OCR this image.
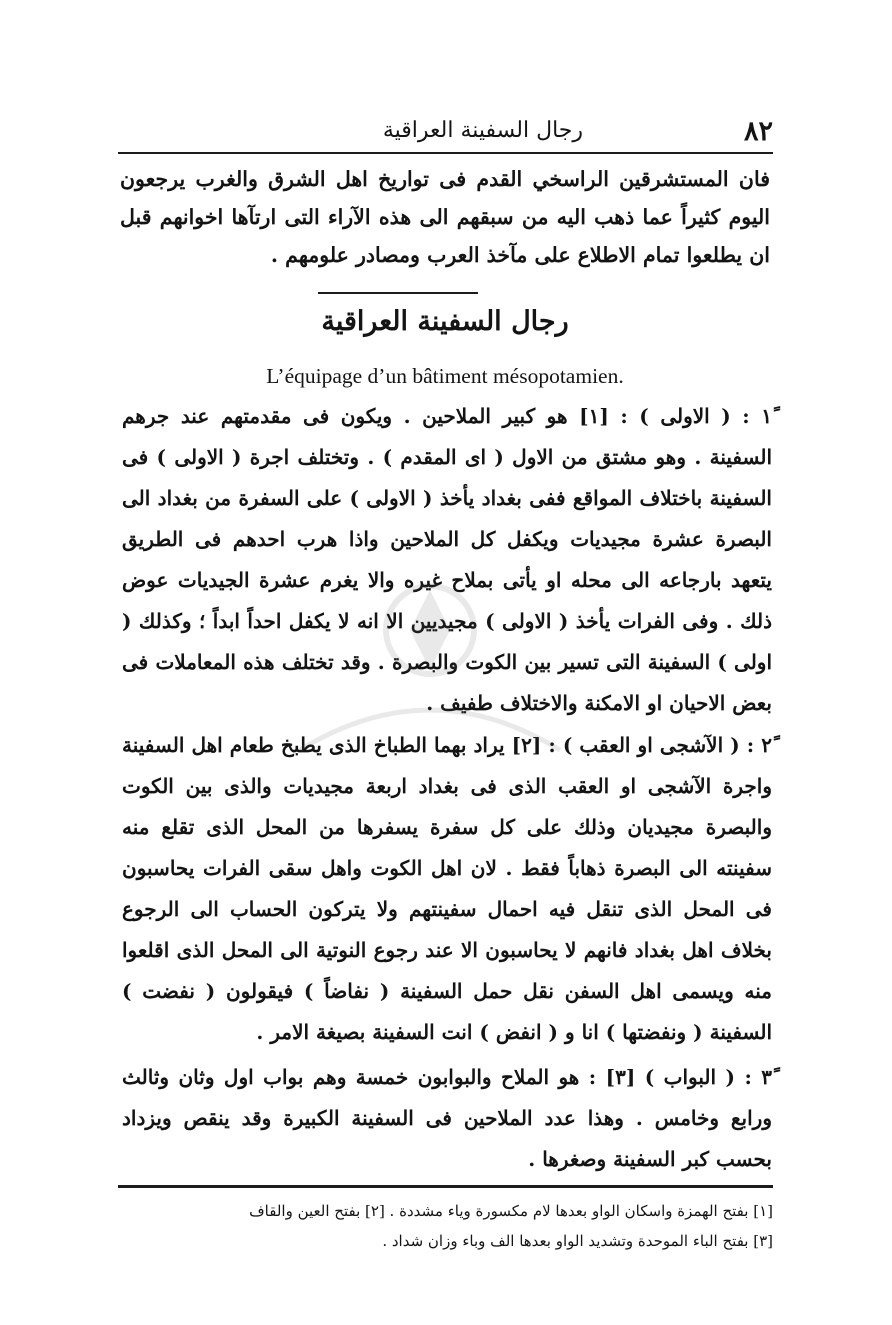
٨٢
رجال السفينة العراقية
فان المستشرقين الراسخي القدم فى تواريخ اهل الشرق والغرب يرجعون اليوم كثيراً عما ذهب اليه من سبقهم الى هذه الآراء التى ارتآها اخوانهم قبل ان يطلعوا تمام الاطلاع على مآخذ العرب ومصادر علومهم .
رجال السفينة العراقية
L’équipage d’un bâtiment mésopotamien.
١ً : ( الاولى ) : [١] هو كبير الملاحين . ويكون فى مقدمتهم عند جرهم السفينة . وهو مشتق من الاول ( اى المقدم ) . وتختلف اجرة ( الاولى ) فى السفينة باختلاف المواقع ففى بغداد يأخذ ( الاولى ) على السفرة من بغداد الى البصرة عشرة مجيديات ويكفل كل الملاحين واذا هرب احدهم فى الطريق يتعهد بارجاعه الى محله او يأتى بملاح غيره والا يغرم عشرة الجيديات عوض ذلك . وفى الفرات يأخذ ( الاولى ) مجيديين الا انه لا يكفل احداً ابداً ؛ وكذلك ( اولى ) السفينة التى تسير بين الكوت والبصرة . وقد تختلف هذه المعاملات فى بعض الاحيان او الامكنة والاختلاف طفيف .
٢ً : ( الآشجى او العقب ) : [٢] يراد بهما الطباخ الذى يطبخ طعام اهل السفينة واجرة الآشجى او العقب الذى فى بغداد اربعة مجيديات والذى بين الكوت والبصرة مجيديان وذلك على كل سفرة يسفرها من المحل الذى تقلع منه سفينته الى البصرة ذهاباً فقط . لان اهل الكوت واهل سقى الفرات يحاسبون فى المحل الذى تنقل فيه احمال سفينتهم ولا يتركون الحساب الى الرجوع بخلاف اهل بغداد فانهم لا يحاسبون الا عند رجوع النوتية الى المحل الذى اقلعوا منه ويسمى اهل السفن نقل حمل السفينة ( نفاضاً ) فيقولون ( نفضت ) السفينة ( ونفضتها ) انا و ( انفض ) انت السفينة بصيغة الامر .
٣ً : ( البواب ) [٣] : هو الملاح والبوابون خمسة وهم بواب اول وثان وثالث ورابع وخامس . وهذا عدد الملاحين فى السفينة الكبيرة وقد ينقص ويزداد بحسب كبر السفينة وصغرها .
[١] بفتح الهمزة واسكان الواو بعدها لام مكسورة وياء مشددة . [٢] بفتح العين والقاف
[٣] بفتح الباء الموحدة وتشديد الواو بعدها الف وباء وزان شداد .
